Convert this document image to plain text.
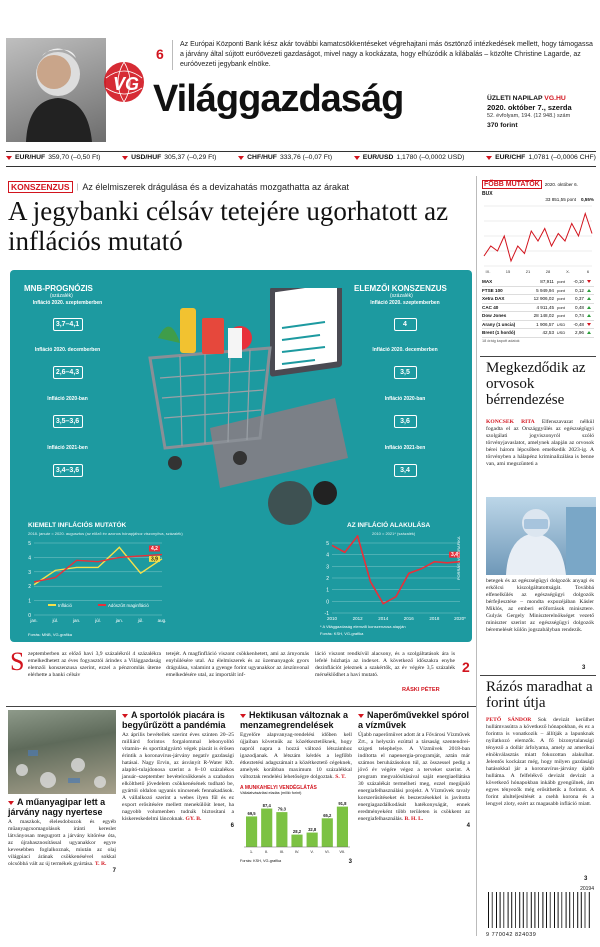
VG
6

Az Európai Központi Bank kész akár további kamatcsökkentéseket végrehajtani más ösztönző intézkedések mellett, hogy támogassa a járvány által sújtott euróövezeti gazdaságot, mivel nagy a kockázata, hogy elhúzódik a kilábalás – közölte Christine Lagarde, az euróövezeti jegybank elnöke.

Világgazdaság	ÜZLETI NAPILAP VG.HU
2020. október 7., szerda
52. évfolyam, 194. (12 948.) szám
370 forint
EUR/HUF 359,70 (–0,50 Ft)	USD/HUF 305,37 (–0,29 Ft)	CHF/HUF 333,76 (–0,07 Ft)	EUR/USD 1,1780 (–0,0002 USD)	EUR/CHF 1,0781 (–0,0006 CHF)
KONSZENZUS	| Az élelmiszerek drágulása és a devizahatás mozgathatta az árakat
A jegybanki célsáv tetejére ugorhatott az inflációs mutató
MNB-PROGNÓZIS
(százalék)
Infláció 2020. szeptemberben
3,7–4,1
Infláció 2020. decemberben
2,6–4,3
Infláció 2020-ban
3,5–3,6
Infláció 2021-ben
3,4–3,6
ELEMZŐI KONSZENZUS
(százalék)
Infláció 2020. szeptemberben
4
Infláció 2020. decemberben
3,5
Infláció 2020-ban
3,6
Infláció 2021-ben
3,4
KIEMELT INFLÁCIÓS MUTATÓK
2018. január = 2020. augusztus (az előző év azonos hónapjához viszonyítva, százalék)
0
1
2
3
4
5
jan.	júl.	jan.	júl.	jan.	júl.	aug.
3,9
4,2
Infláció	Adószűrt maginfláció
Forrás: MNB, VG-grafika
AZ INFLÁCIÓ ALAKULÁSA
2010 = 2021* (százalék)
-1
0
1
2
3
4
5
2010	2012	2014	2016	2018	2020*
3,4
* A Világgazdaság elemzői konszenzusa alapján
Forrás: KSH, VG-grafika
FORRÁS: VG-GRAFIKA
S zeptemberben az előző havi 3,9 százalékról 4 százalékra emelkedhetett az éves fogyasztói árindex a Világgazdaság elemzői konszenzusa szerint, ezzel a pénzromlás üteme elérhette a banki célsáv

tetejét. A magfinfláció viszont csökkenhetett, ami az árnyomás enyhülésére utal. Az élelmiszerek és az üzemanyagok gyors drágulása, valamint a gyenge forint ugyanakkor az árszínvonal emelkedésére utal, az importált inf-

láció viszont rendkívül alacsony, és a szolgáltatások ára is lefelé húzhatja az indexet. A következő időszakra enyhe dezinflációt jeleznek a szakértők, az év végére 3,5 százalék mérséklődhet a havi mutató.

RÁSKI PÉTER
2
FŐBB MUTATÓK	2020. október 6.
BUX
33 851,55 pont 0,55%
IX.	15	21	28	X.	6
MAX	87,911 pont	-0,10
FTSE 100	5 949,94 pont	0,12
Xetra DAX	12 906,02 pont	0,37
CAC 40	4 911,45 pont	0,48
Dow Jones	28 148,02 pont	0,74
Arany (1 uncia)	1 906,57 USD	-0,48
Brent (1 hordó)	42,53 USD	2,96
18 óráig kapott adatok
Megkezdődik az orvosok bérrendezése

KONCSEK RITA Elfenszavazat nélkül fogadta el az Országgyűlés az egészségügyi szolgálati jogviszonyról szóló törvényjavaslatot, amelynek alapján az orvosok bérei három lépcsőben emelkedik 2023-ig. A törvényben a hálapénz kriminalizálása is benne van, ami megszünteti a

betegek és az egészségügyi dolgozók anyagi és erkölcsi kiszolgáltatottságát. Továbbá elfenelkülés az egészségügyi dolgozók bérfejlesztése – mondta expozéjában Kásler Miklós, az emberi erőforrások minisztere. Gulyás Gergely Miniszterelnökséget vezető miniszter szerint az egészségügyi dolgozók béremelését külön jogszabályban rendezik.

3
Rázós maradhat a forint útja

PETŐ SÁNDOR Sok devizát kerülhet hullámvasútra a következő hónapokban, és ez a forintra is vonatkozik – állítják a lapunknak nyilatkozó elemzők. A fő bizonytalansági tényező a dollár árfolyama, amely az amerikai elnökválasztás miatt fokozottan alakulhat. Jelentős kockázat még, hogy milyen gazdasági hatásokkal jár a koronavírus-járvány újabb hulláma. A felfelékvő devizát devizát a következő hónapokban inkább gyengülnek, ám egyes tényezők még erősíthetik a forintot. A forint alulteljesítését a csehh korona és a lengyel zloty, ezért az magasabb infláció miatt.

3
20194
9 770042 824039
A műanyagipar lett a járvány nagy nyertese

A maszkok, élelesdobozok és egyéb műanyagcsomagolások iránti kereslet látványosan megugrott a járvány kitörése óta, az újrahasznosítással ugyanakkor egyre kevesebben foglalkoznak, miután az olaj világpiaci árának csökkenésével sokkal olcsóbbá vált az új termékek gyártása. T. R.

7
A sportolók piacára is begyűrűzött a pandémia

Az április bevétellek szerint éves szinten 20–25 milliárd forintos forgalommal lebonyolító vitamin- és sportitalgyártó végek piacát is érősen érintik a koronavírus-járvány negatív gazdasági hatásai. Nagy Ervin, az ásványít R-Water Kft. alapító-tulajdonosa szerint a 8–10 százalékos január–szeptember bevételcsökkenés a szabadon elkölthető jövedelem csökkenésének tudható be, gyártói oldalon ugyanis nincsenek fennakadások. A vállalkozó szerint a webes ilyen fűl és ez export erősítésére mellett menekülőút lenet, ha nagyobb volumenben tudnák biztosítani a kiskereskedelmi láncoknak. GY. B.

6
Hektikusan változnak a menzamegrendelések

Egyelőre alapvanyag-rendelési időben kell újjaiban követnük az közétkeztetőknek, hogy napról napra a hozzá változó létszámhoz igazodjanak. A létszám kérdés a legfőbb étkeztetési adagszámait a közétkeztető cégeknek, amelyek korábban maximum 10 százalékkal változtak rendelési lehetőségre dolgoztak. S. T.

A MUNKAHELYI VENDÉGLÁTÁS
Vállalatvásárlási eladás (millió forint)
69,5
1.
87,4
II.
79,3
III.
28,2
IV.
32,8
V.
65,2
VI.
91,8
VII.
Forrás: KSH, VG-grafika	3
Naperőművekkel spórol a vízművek

Újabb naperőművet adott át a Fővárosi Vízművek Zrt., a helyszín ezúttal a társaság szentendrei-szigeti telephelye. A Vízművek 2018-ban indította el napenergia-programját, aztán már számos beruházásokon túl, az összessel pedig a jövő év végére végez a terveket szerint. A program megvalósításával saját energiaellátása 30 százalékát termelheti meg, ezzel megújuló energiafelhasználási projekt. A Vízművek tavaly korszerűsítéseket és beszerzésekkel is javította energiagazdálkodását hatékonyságát, ennek eredményeként több területen is csökkent az energiafelhasználás. B. H. L.

4
